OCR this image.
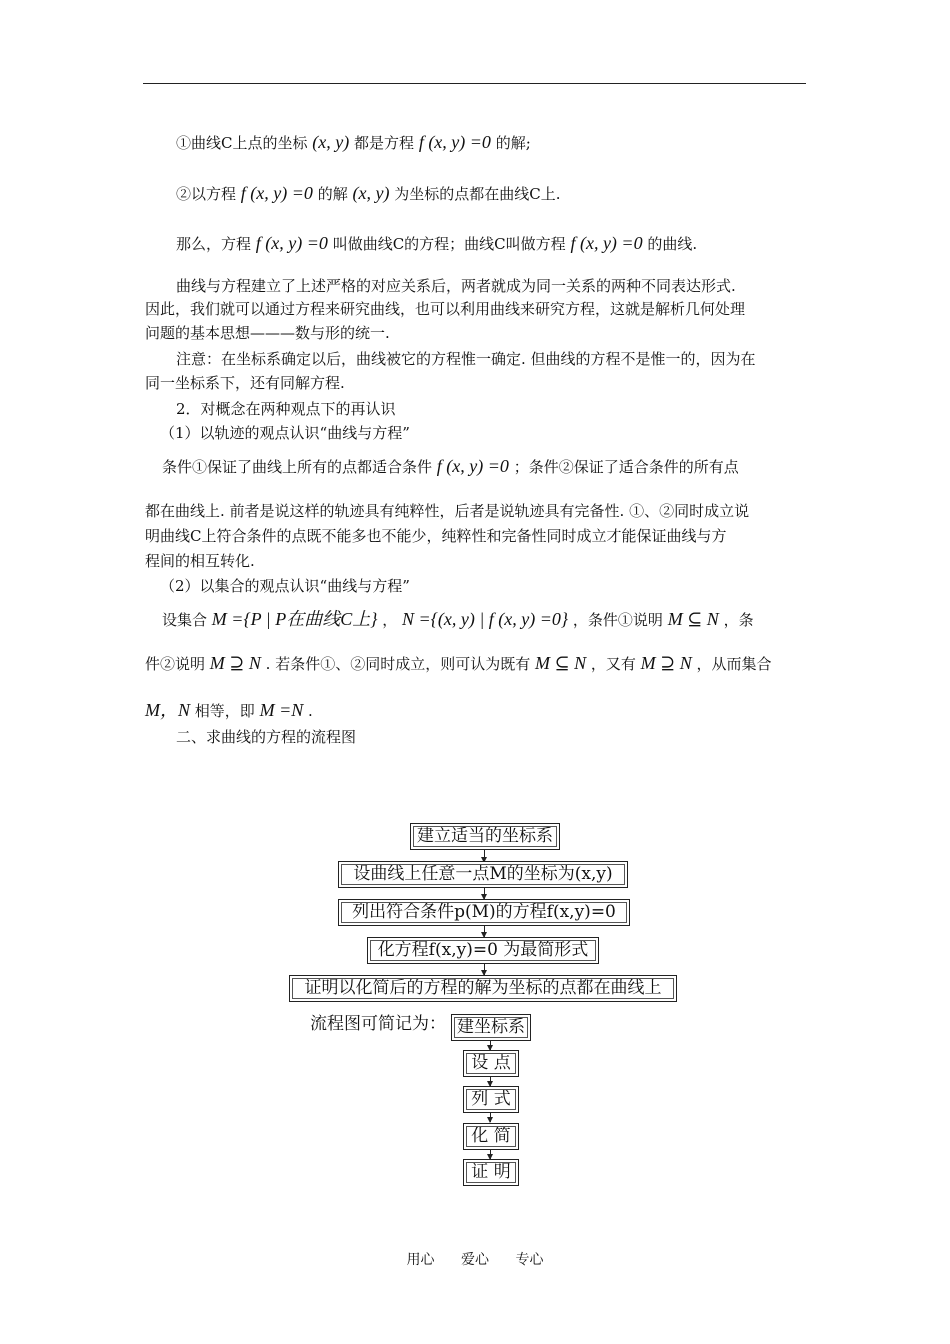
①曲线C上点的坐标 (x, y) 都是方程 f (x, y) =0 的解;
②以方程 f (x, y) =0 的解 (x, y) 为坐标的点都在曲线C上.
那么，方程 f (x, y) =0 叫做曲线C的方程；曲线C叫做方程 f (x, y) =0 的曲线.
曲线与方程建立了上述严格的对应关系后，两者就成为同一关系的两种不同表达形式.
因此，我们就可以通过方程来研究曲线，也可以利用曲线来研究方程，这就是解析几何处理
问题的基本思想———数与形的统一.
注意：在坐标系确定以后，曲线被它的方程惟一确定. 但曲线的方程不是惟一的，因为在
同一坐标系下，还有同解方程.
2．对概念在两种观点下的再认识
（1）以轨迹的观点认识“曲线与方程”
条件①保证了曲线上所有的点都适合条件 f (x, y) =0 ；条件②保证了适合条件的所有点
都在曲线上. 前者是说这样的轨迹具有纯粹性，后者是说轨迹具有完备性. ①、②同时成立说
明曲线C上符合条件的点既不能多也不能少，纯粹性和完备性同时成立才能保证曲线与方
程间的相互转化.
（2）以集合的观点认识“曲线与方程”
设集合 M ={P | P在曲线C上} ， N ={(x, y) | f (x, y) =0} ，条件①说明 M ⊆ N ，条
件②说明 M ⊇ N . 若条件①、②同时成立，则可认为既有 M ⊆ N ，又有 M ⊇ N ，从而集合
M，N 相等，即 M =N .
二、求曲线的方程的流程图
建立适当的坐标系
设曲线上任意一点M的坐标为(x,y)
列出符合条件p(M)的方程f(x,y)=0
化方程f(x,y)=0 为最简形式
证明以化简后的方程的解为坐标的点都在曲线上
流程图可简记为： 建坐标系
设 点
列 式
化 简
证 明
用心 爱心 专心
